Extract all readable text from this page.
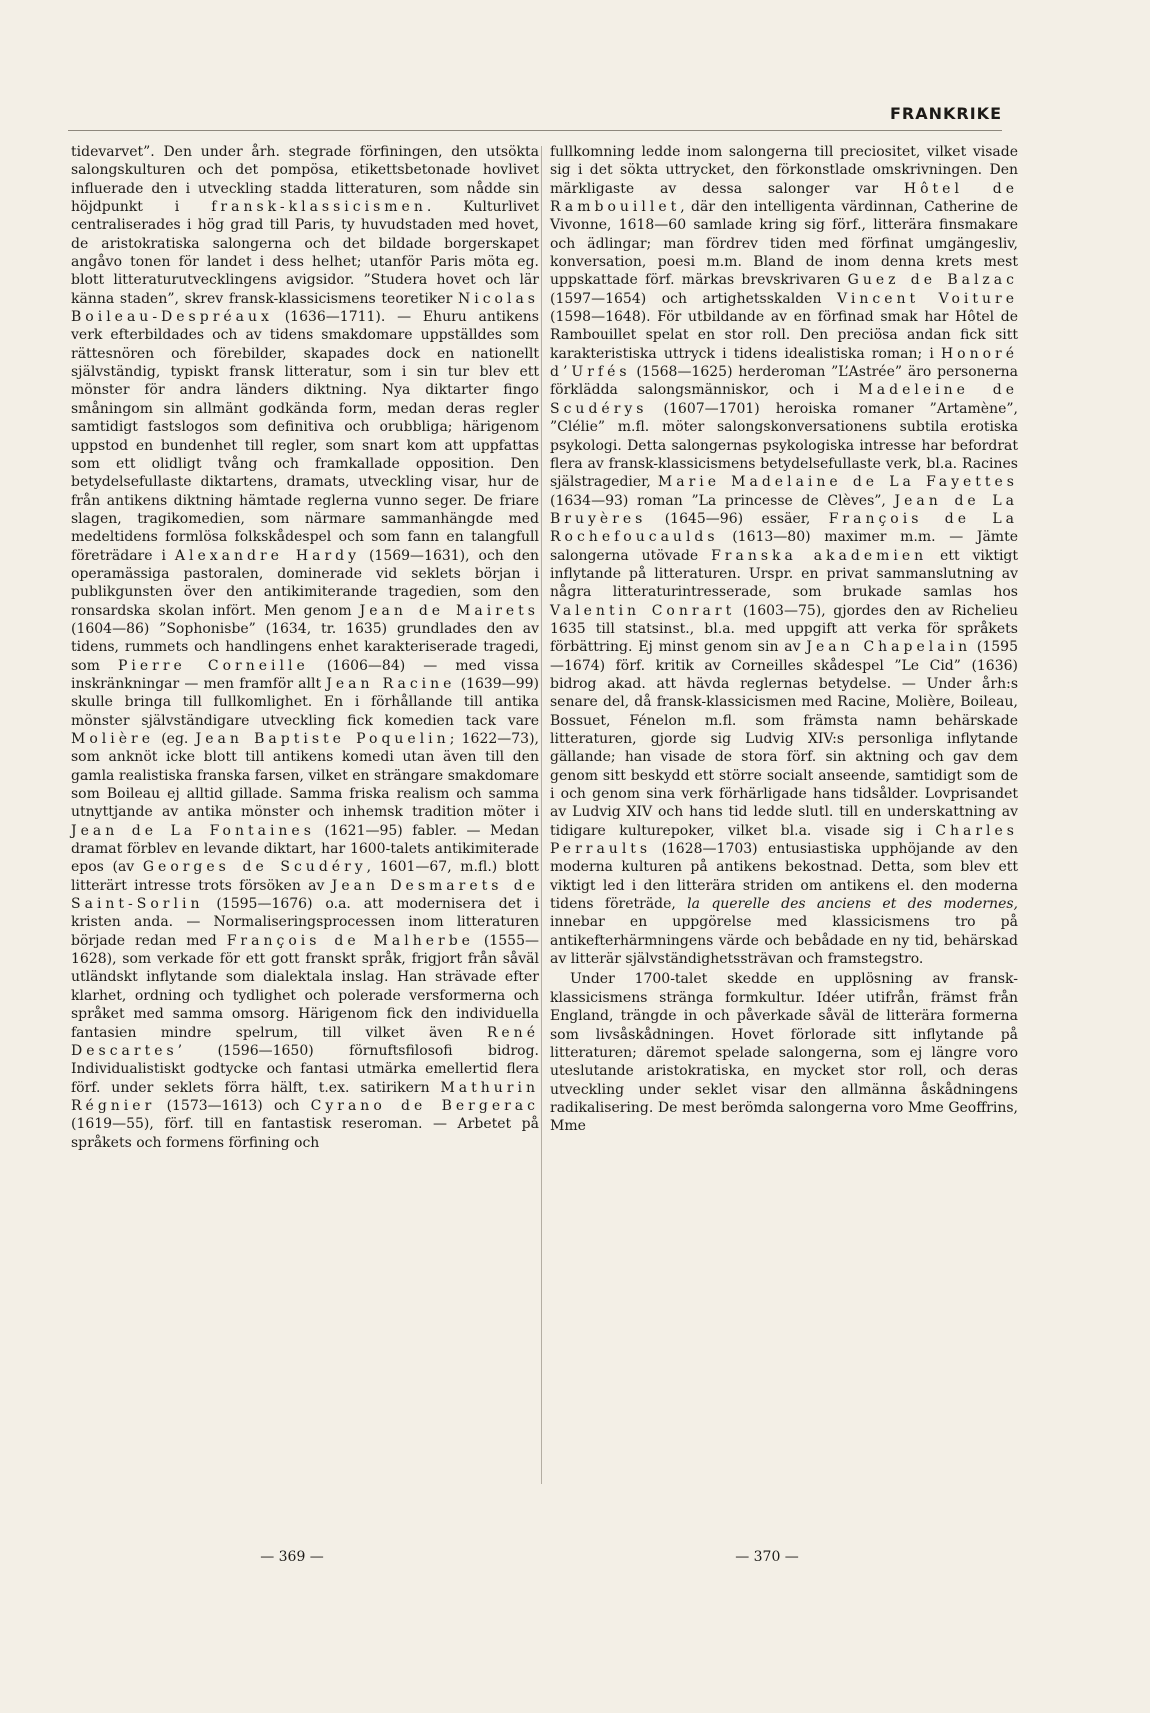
FRANKRIKE

tidevarvet”. Den under årh. stegrade förfiningen, den utsökta salongskulturen och det pompösa, etikettsbetonade hovlivet influerade den i utveckling stadda litteraturen, som nådde sin höjdpunkt i fransk-klassicismen. Kulturlivet centraliserades i hög grad till Paris, ty huvudstaden med hovet, de aristokratiska salongerna och det bildade borgerskapet angåvo tonen för landet i dess helhet; utanför Paris möta eg. blott litteraturutvecklingens avigsidor. ”Studera hovet och lär känna staden”, skrev fransk-klassicismens teoretiker Nicolas Boileau-Despréaux (1636—1711). — Ehuru antikens verk efterbildades och av tidens smakdomare uppställdes som rättesnören och förebilder, skapades dock en nationellt självständig, typiskt fransk litteratur, som i sin tur blev ett mönster för andra länders diktning. Nya diktarter fingo småningom sin allmänt godkända form, medan deras regler samtidigt fastslogos som definitiva och orubbliga; härigenom uppstod en bundenhet till regler, som snart kom att uppfattas som ett olidligt tvång och framkallade opposition. Den betydelsefullaste diktartens, dramats, utveckling visar, hur de från antikens diktning hämtade reglerna vunno seger. De friare slagen, tragikomedien, som närmare sammanhängde med medeltidens formlösa folkskådespel och som fann en talangfull företrädare i Alexandre Hardy (1569—1631), och den operamässiga pastoralen, dominerade vid seklets början i publikgunsten över den antikimiterande tragedien, som den ronsardska skolan infört. Men genom Jean de Mairets (1604—86) ”Sophonisbe” (1634, tr. 1635) grundlades den av tidens, rummets och handlingens enhet karakteriserade tragedi, som Pierre Corneille (1606—84) — med vissa inskränkningar — men framför allt Jean Racine (1639—99) skulle bringa till fullkomlighet. En i förhållande till antika mönster självständigare utveckling fick komedien tack vare Molière (eg. Jean Baptiste Poquelin; 1622—73), som anknöt icke blott till antikens komedi utan även till den gamla realistiska franska farsen, vilket en strängare smakdomare som Boileau ej alltid gillade. Samma friska realism och samma utnyttjande av antika mönster och inhemsk tradition möter i Jean de La Fontaines (1621—95) fabler. — Medan dramat förblev en levande diktart, har 1600-talets antikimiterade epos (av Georges de Scudéry, 1601—67, m.fl.) blott litterärt intresse trots försöken av Jean Desmarets de Saint-Sorlin (1595—1676) o.a. att modernisera det i kristen anda. — Normaliseringsprocessen inom litteraturen började redan med François de Malherbe (1555—1628), som verkade för ett gott franskt språk, frigjort från såväl utländskt inflytande som dialektala inslag. Han strävade efter klarhet, ordning och tydlighet och polerade versformerna och språket med samma omsorg. Härigenom fick den individuella fantasien mindre spelrum, till vilket även René Descartes’ (1596—1650) förnuftsfilosofi bidrog. Individualistiskt godtycke och fantasi utmärka emellertid flera förf. under seklets förra hälft, t.ex. satirikern Mathurin Régnier (1573—1613) och Cyrano de Bergerac (1619—55), förf. till en fantastisk reseroman. — Arbetet på språkets och formens förfining och

fullkomning ledde inom salongerna till preciositet, vilket visade sig i det sökta uttrycket, den förkonstlade omskrivningen. Den märkligaste av dessa salonger var Hôtel de Rambouillet, där den intelligenta värdinnan, Catherine de Vivonne, 1618—60 samlade kring sig förf., litterära finsmakare och ädlingar; man fördrev tiden med förfinat umgängesliv, konversation, poesi m.m. Bland de inom denna krets mest uppskattade förf. märkas brevskrivaren Guez de Balzac (1597—1654) och artighetsskalden Vincent Voiture (1598—1648). För utbildande av en förfinad smak har Hôtel de Rambouillet spelat en stor roll. Den preciösa andan fick sitt karakteristiska uttryck i tidens idealistiska roman; i Honoré d’Urfés (1568—1625) herderoman ”L’Astrée” äro personerna förklädda salongsmänniskor, och i Madeleine de Scudérys (1607—1701) heroiska romaner ”Artamène”, ”Clélie” m.fl. möter salongskonversationens subtila erotiska psykologi. Detta salongernas psykologiska intresse har befordrat flera av fransk-klassicismens betydelsefullaste verk, bl.a. Racines själstragedier, Marie Madelaine de La Fayettes (1634—93) roman ”La princesse de Clèves”, Jean de La Bruyères (1645—96) essäer, François de La Rochefoucaulds (1613—80) maximer m.m. — Jämte salongerna utövade Franska akademien ett viktigt inflytande på litteraturen. Urspr. en privat sammanslutning av några litteraturintresserade, som brukade samlas hos Valentin Conrart (1603—75), gjordes den av Richelieu 1635 till statsinst., bl.a. med uppgift att verka för språkets förbättring. Ej minst genom sin av Jean Chapelain (1595—1674) förf. kritik av Corneilles skådespel ”Le Cid” (1636) bidrog akad. att hävda reglernas betydelse. — Under årh:s senare del, då fransk-klassicismen med Racine, Molière, Boileau, Bossuet, Fénelon m.fl. som främsta namn behärskade litteraturen, gjorde sig Ludvig XIV:s personliga inflytande gällande; han visade de stora förf. sin aktning och gav dem genom sitt beskydd ett större socialt anseende, samtidigt som de i och genom sina verk förhärligade hans tidsålder. Lovprisandet av Ludvig XIV och hans tid ledde slutl. till en underskattning av tidigare kulturepoker, vilket bl.a. visade sig i Charles Perraults (1628—1703) entusiastiska upphöjande av den moderna kulturen på antikens bekostnad. Detta, som blev ett viktigt led i den litterära striden om antikens el. den moderna tidens företräde, la querelle des anciens et des modernes, innebar en uppgörelse med klassicismens tro på antikefterhärmningens värde och bebådade en ny tid, behärskad av litterär självständighetssträvan och framstegstro.

Under 1700-talet skedde en upplösning av fransk-klassicismens stränga formkultur. Idéer utifrån, främst från England, trängde in och påverkade såväl de litterära formerna som livsåskådningen. Hovet förlorade sitt inflytande på litteraturen; däremot spelade salongerna, som ej längre voro uteslutande aristokratiska, en mycket stor roll, och deras utveckling under seklet visar den allmänna åskådningens radikalisering. De mest berömda salongerna voro Mme Geoffrins, Mme

— 369 —	— 370 —
